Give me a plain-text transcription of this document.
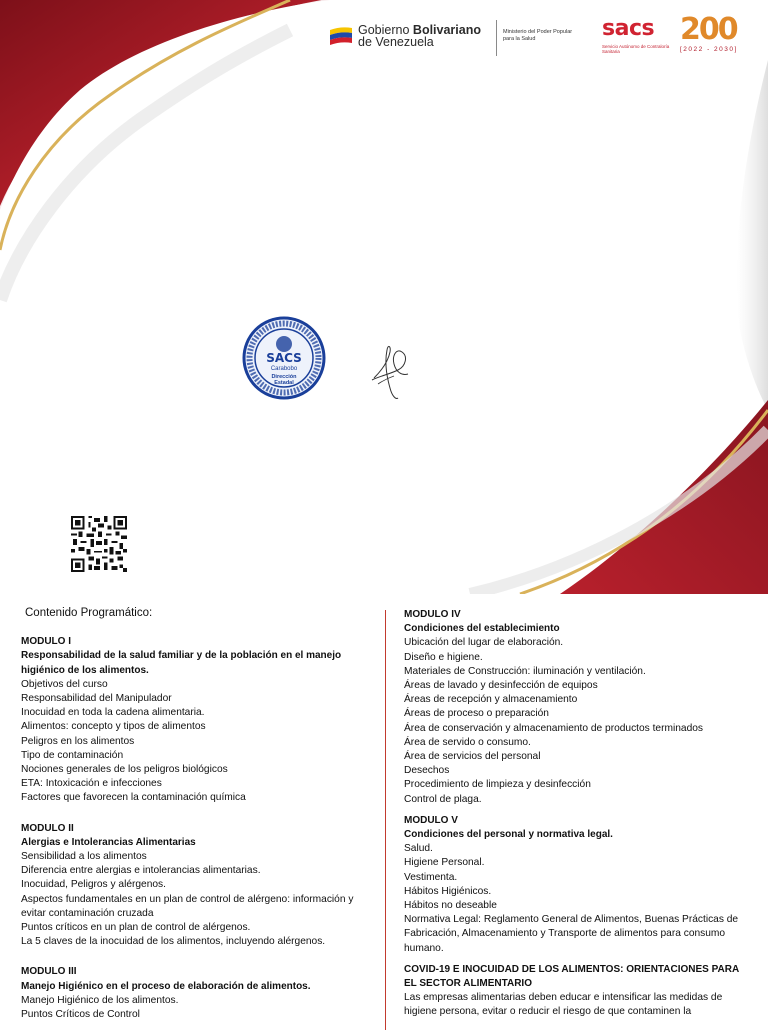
Gobierno Bolivariano
de Venezuela
Ministerio del Poder Popular para la Salud	sacs
Servicio Autónomo de Contraloría Sanitaria
200
[2022 - 2030]
SACS
Carabobo
Dirección
Estadal
Contenido Programático:
MODULO I
Responsabilidad de la salud familiar y de la población en el manejo higiénico de los alimentos.
Objetivos del curso
Responsabilidad del Manipulador
Inocuidad en toda la cadena alimentaria.
Alimentos: concepto y tipos de alimentos
Peligros en los alimentos
Tipo de contaminación
Nociones generales de los peligros biológicos
ETA: Intoxicación e infecciones
Factores que favorecen la contaminación química
MODULO II
Alergias e Intolerancias Alimentarias
Sensibilidad a los alimentos
Diferencia entre alergias e intolerancias alimentarias.
Inocuidad, Peligros y alérgenos.
Aspectos fundamentales en un plan de control de alérgeno: información y evitar contaminación cruzada
Puntos críticos en un plan de control de alérgenos.
La 5 claves de la inocuidad de los alimentos, incluyendo alérgenos.
MODULO III
Manejo Higiénico en el proceso de elaboración de alimentos.
Manejo Higiénico de los alimentos.
Puntos Críticos de Control
MODULO IV
Condiciones del establecimiento
Ubicación del lugar de elaboración.
Diseño e higiene.
Materiales de Construcción: iluminación y ventilación.
Áreas de lavado y desinfección de equipos
Áreas de recepción y almacenamiento
Áreas de proceso o preparación
Área de conservación y almacenamiento de productos terminados
Área de servido o consumo.
Área de servicios del personal
Desechos
Procedimiento de limpieza y desinfección
Control de plaga.
MODULO V
Condiciones del personal y normativa legal.
Salud.
Higiene Personal.
Vestimenta.
Hábitos Higiénicos.
Hábitos no deseable
Normativa Legal: Reglamento General de Alimentos, Buenas Prácticas de Fabricación, Almacenamiento y Transporte de alimentos para consumo humano.
COVID-19 E INOCUIDAD DE LOS ALIMENTOS: ORIENTACIONES PARA EL SECTOR ALIMENTARIO
Las empresas alimentarias deben educar e intensificar las medidas de higiene persona, evitar o reducir el riesgo de que contaminen la
